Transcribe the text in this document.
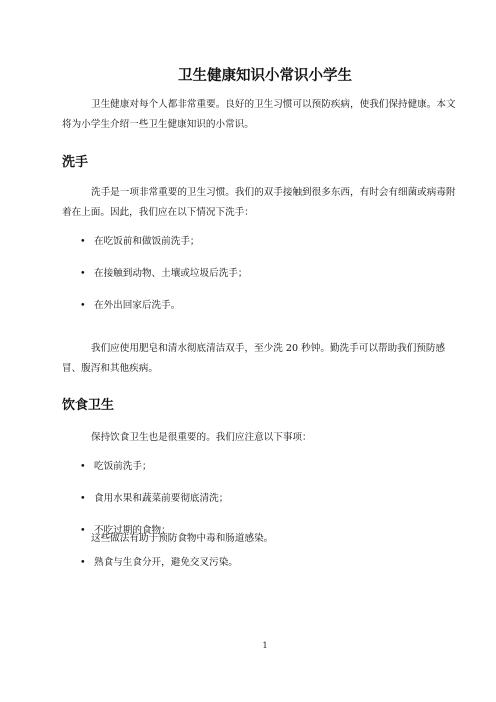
卫生健康知识小常识小学生

卫生健康对每个人都非常重要。良好的卫生习惯可以预防疾病，使我们保持健康。本文将为小学生介绍一些卫生健康知识的小常识。

洗手

洗手是一项非常重要的卫生习惯。我们的双手接触到很多东西，有时会有细菌或病毒附着在上面。因此，我们应在以下情况下洗手：

• 在吃饭前和做饭前洗手；
• 在接触到动物、土壤或垃圾后洗手；
• 在外出回家后洗手。

我们应使用肥皂和清水彻底清洁双手，至少洗 20 秒钟。勤洗手可以帮助我们预防感冒、腹泻和其他疾病。

饮食卫生

保持饮食卫生也是很重要的。我们应注意以下事项：

• 吃饭前洗手；
• 食用水果和蔬菜前要彻底清洗；
• 不吃过期的食物；
• 熟食与生食分开，避免交叉污染。

这些做法有助于预防食物中毒和肠道感染。

1
